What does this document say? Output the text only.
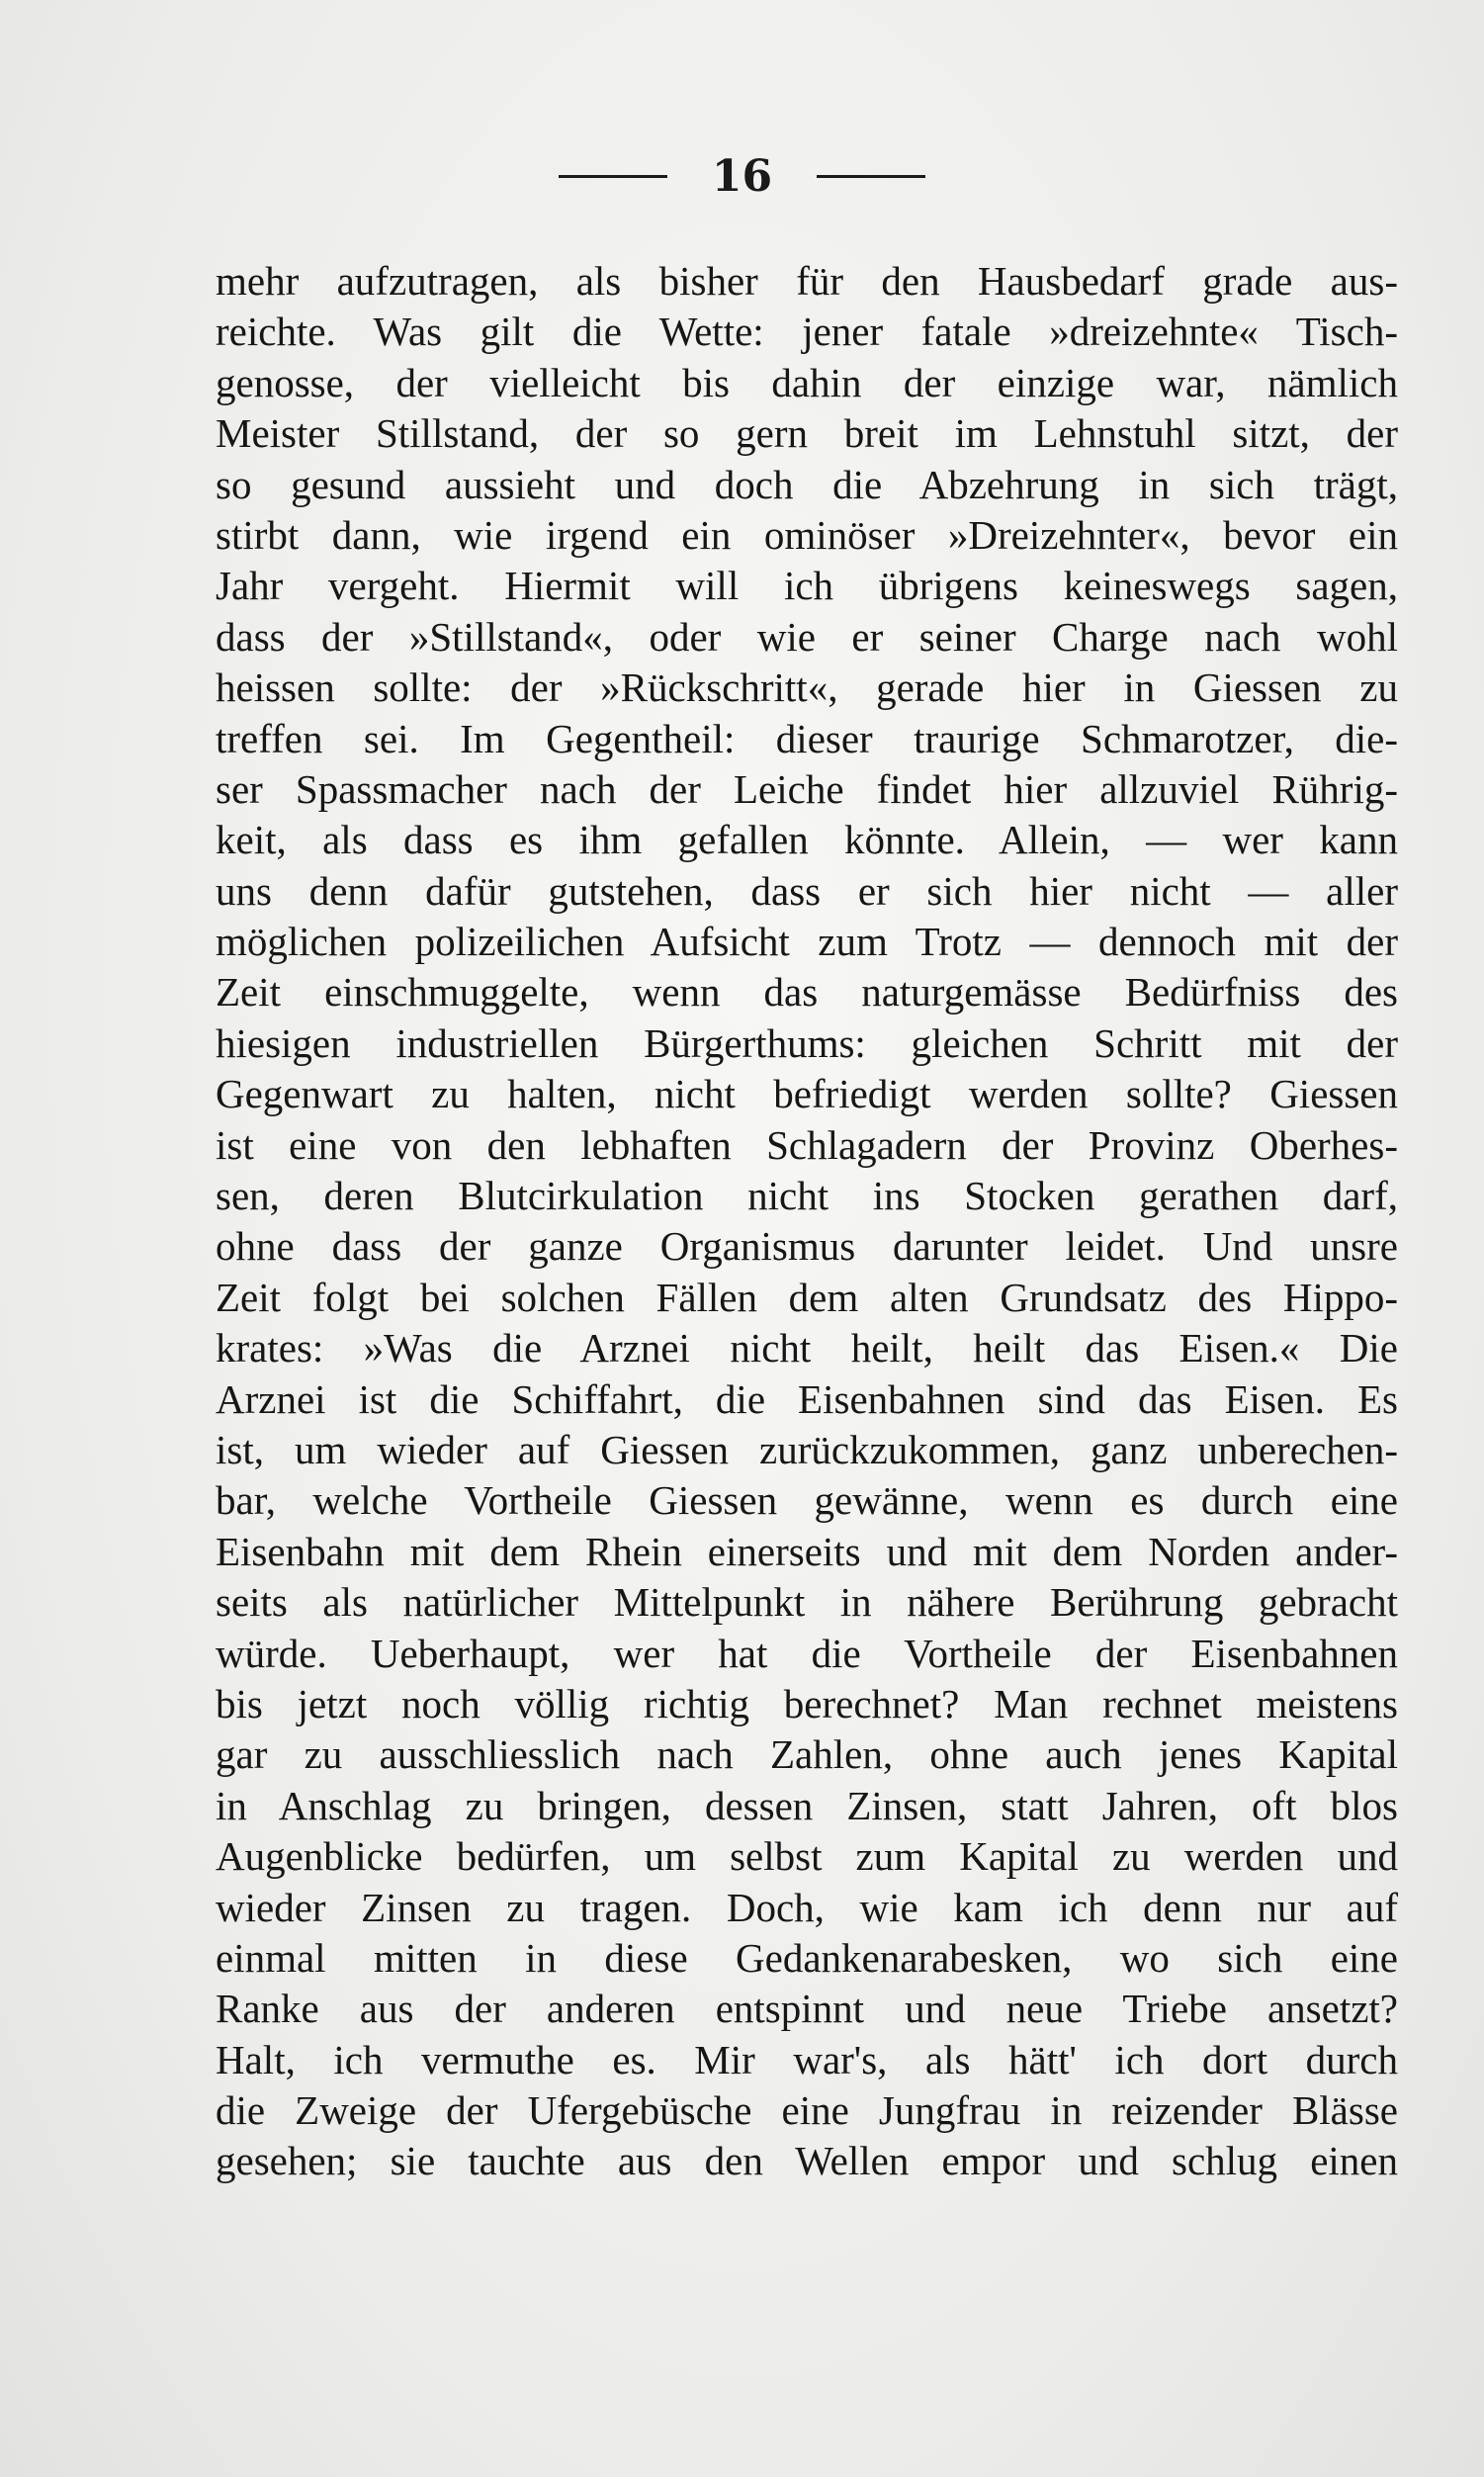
16
mehr aufzutragen, als bisher für den Hausbedarf grade aus-
reichte. Was gilt die Wette: jener fatale »dreizehnte« Tisch-
genosse, der vielleicht bis dahin der einzige war, nämlich
Meister Stillstand, der so gern breit im Lehnstuhl sitzt, der
so gesund aussieht und doch die Abzehrung in sich trägt,
stirbt dann, wie irgend ein ominöser »Dreizehnter«, bevor ein
Jahr vergeht. Hiermit will ich übrigens keineswegs sagen,
dass der »Stillstand«, oder wie er seiner Charge nach wohl
heissen sollte: der »Rückschritt«, gerade hier in Giessen zu
treffen sei. Im Gegentheil: dieser traurige Schmarotzer, die-
ser Spassmacher nach der Leiche findet hier allzuviel Rührig-
keit, als dass es ihm gefallen könnte. Allein, — wer kann
uns denn dafür gutstehen, dass er sich hier nicht — aller
möglichen polizeilichen Aufsicht zum Trotz — dennoch mit der
Zeit einschmuggelte, wenn das naturgemässe Bedürfniss des
hiesigen industriellen Bürgerthums: gleichen Schritt mit der
Gegenwart zu halten, nicht befriedigt werden sollte? Giessen
ist eine von den lebhaften Schlagadern der Provinz Oberhes-
sen, deren Blutcirkulation nicht ins Stocken gerathen darf,
ohne dass der ganze Organismus darunter leidet. Und unsre
Zeit folgt bei solchen Fällen dem alten Grundsatz des Hippo-
krates: »Was die Arznei nicht heilt, heilt das Eisen.« Die
Arznei ist die Schiffahrt, die Eisenbahnen sind das Eisen. Es
ist, um wieder auf Giessen zurückzukommen, ganz unberechen-
bar, welche Vortheile Giessen gewänne, wenn es durch eine
Eisenbahn mit dem Rhein einerseits und mit dem Norden ander-
seits als natürlicher Mittelpunkt in nähere Berührung gebracht
würde. Ueberhaupt, wer hat die Vortheile der Eisenbahnen
bis jetzt noch völlig richtig berechnet? Man rechnet meistens
gar zu ausschliesslich nach Zahlen, ohne auch jenes Kapital
in Anschlag zu bringen, dessen Zinsen, statt Jahren, oft blos
Augenblicke bedürfen, um selbst zum Kapital zu werden und
wieder Zinsen zu tragen. Doch, wie kam ich denn nur auf
einmal mitten in diese Gedankenarabesken, wo sich eine
Ranke aus der anderen entspinnt und neue Triebe ansetzt?
Halt, ich vermuthe es. Mir war's, als hätt' ich dort durch
die Zweige der Ufergebüsche eine Jungfrau in reizender Blässe
gesehen; sie tauchte aus den Wellen empor und schlug einen
